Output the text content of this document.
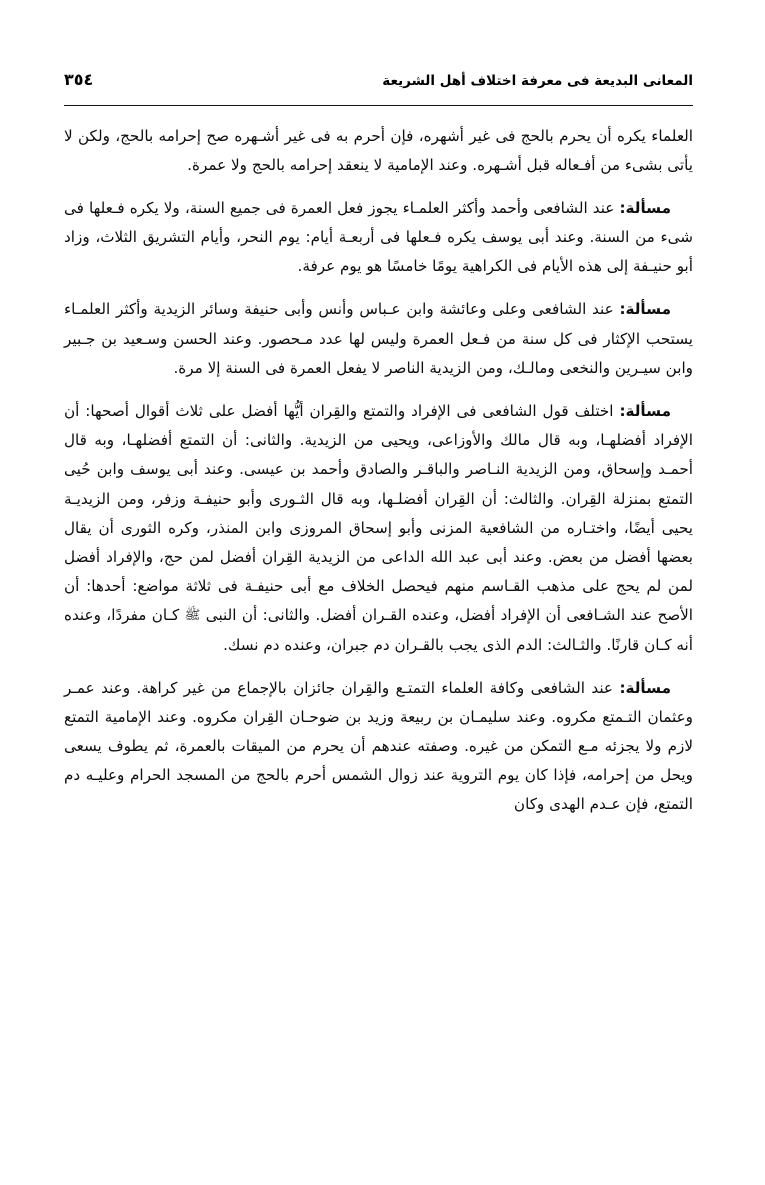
المعانى البديعة فى معرفة اختلاف أهل الشريعة
٣٥٤

العلماء يكره أن يحرم بالحج فى غير أشهره، فإن أحرم به فى غير أشـهره صح إحرامه بالحج، ولكن لا يأتى بشىء من أفـعاله قبل أشـهره. وعند الإمامية لا ينعقد إحرامه بالحج ولا عمرة.

مسألة: عند الشافعى وأحمد وأكثر العلمـاء يجوز فعل العمرة فى جميع السنة، ولا يكره فـعلها فى شىء من السنة. وعند أبى يوسف يكره فـعلها فى أربعـة أيام: يوم النحر، وأيام التشريق الثلاث، وزاد أبو حنيـفة إلى هذه الأيام فى الكراهية يومًا خامسًا هو يوم عرفة.

مسألة: عند الشافعى وعلى وعائشة وابن عـباس وأنس وأبى حنيفة وسائر الزيدية وأكثر العلمـاء يستحب الإكثار فى كل سنة من فـعل العمرة وليس لها عدد مـحصور. وعند الحسن وسـعيد بن جـبير وابن سيـرين والنخعى ومالـك، ومن الزيدية الناصر لا يفعل العمرة فى السنة إلا مرة.

مسألة: اختلف قول الشافعى فى الإفراد والتمتع والقِران أيُّها أفضل على ثلاث أقوال أصحها: أن الإفراد أفضلهـا، وبه قال مالك والأوزاعى، ويحيى من الزيدية. والثانى: أن التمتع أفضلهـا، وبه قال أحمـد وإسحاق، ومن الزيدية النـاصر والباقـر والصادق وأحمد بن عيسى. وعند أبى يوسف وابن حُيى التمتع بمنزلة القِران. والثالث: أن القِران أفضلـها، وبه قال الثـورى وأبو حنيفـة وزفر، ومن الزيديـة يحيى أيضًا، واختـاره من الشافعية المزنى وأبو إسحاق المروزى وابن المنذر، وكره الثورى أن يقال بعضها أفضل من بعض. وعند أبى عبد الله الداعى من الزيدية القِران أفضل لمن حج، والإفراد أفضل لمن لم يحج على مذهب القـاسم منهم فيحصل الخلاف مع أبى حنيفـة فى ثلاثة مواضع: أحدها: أن الأصح عند الشـافعى أن الإفراد أفضل، وعنده القـران أفضل. والثانى: أن النبى ﷺ كـان مفردًا، وعنده أنه كـان قارنًا. والثـالث: الدم الذى يجب بالقـران دم جبران، وعنده دم نسك.

مسألة: عند الشافعى وكافة العلماء التمتـع والقِران جائزان بالإجماع من غير كراهة. وعند عمـر وعثمان التـمتع مكروه. وعند سليمـان بن ربيعة وزيد بن ضوحـان القِران مكروه. وعند الإمامية التمتع لازم ولا يجزئه مـع التمكن من غيره. وصفته عندهم أن يحرم من الميقات بالعمرة، ثم يطوف يسعى ويحل من إحرامه، فإذا كان يوم التروية عند زوال الشمس أحرم بالحج من المسجد الحرام وعليـه دم التمتع، فإن عـدم الهدى وكان
